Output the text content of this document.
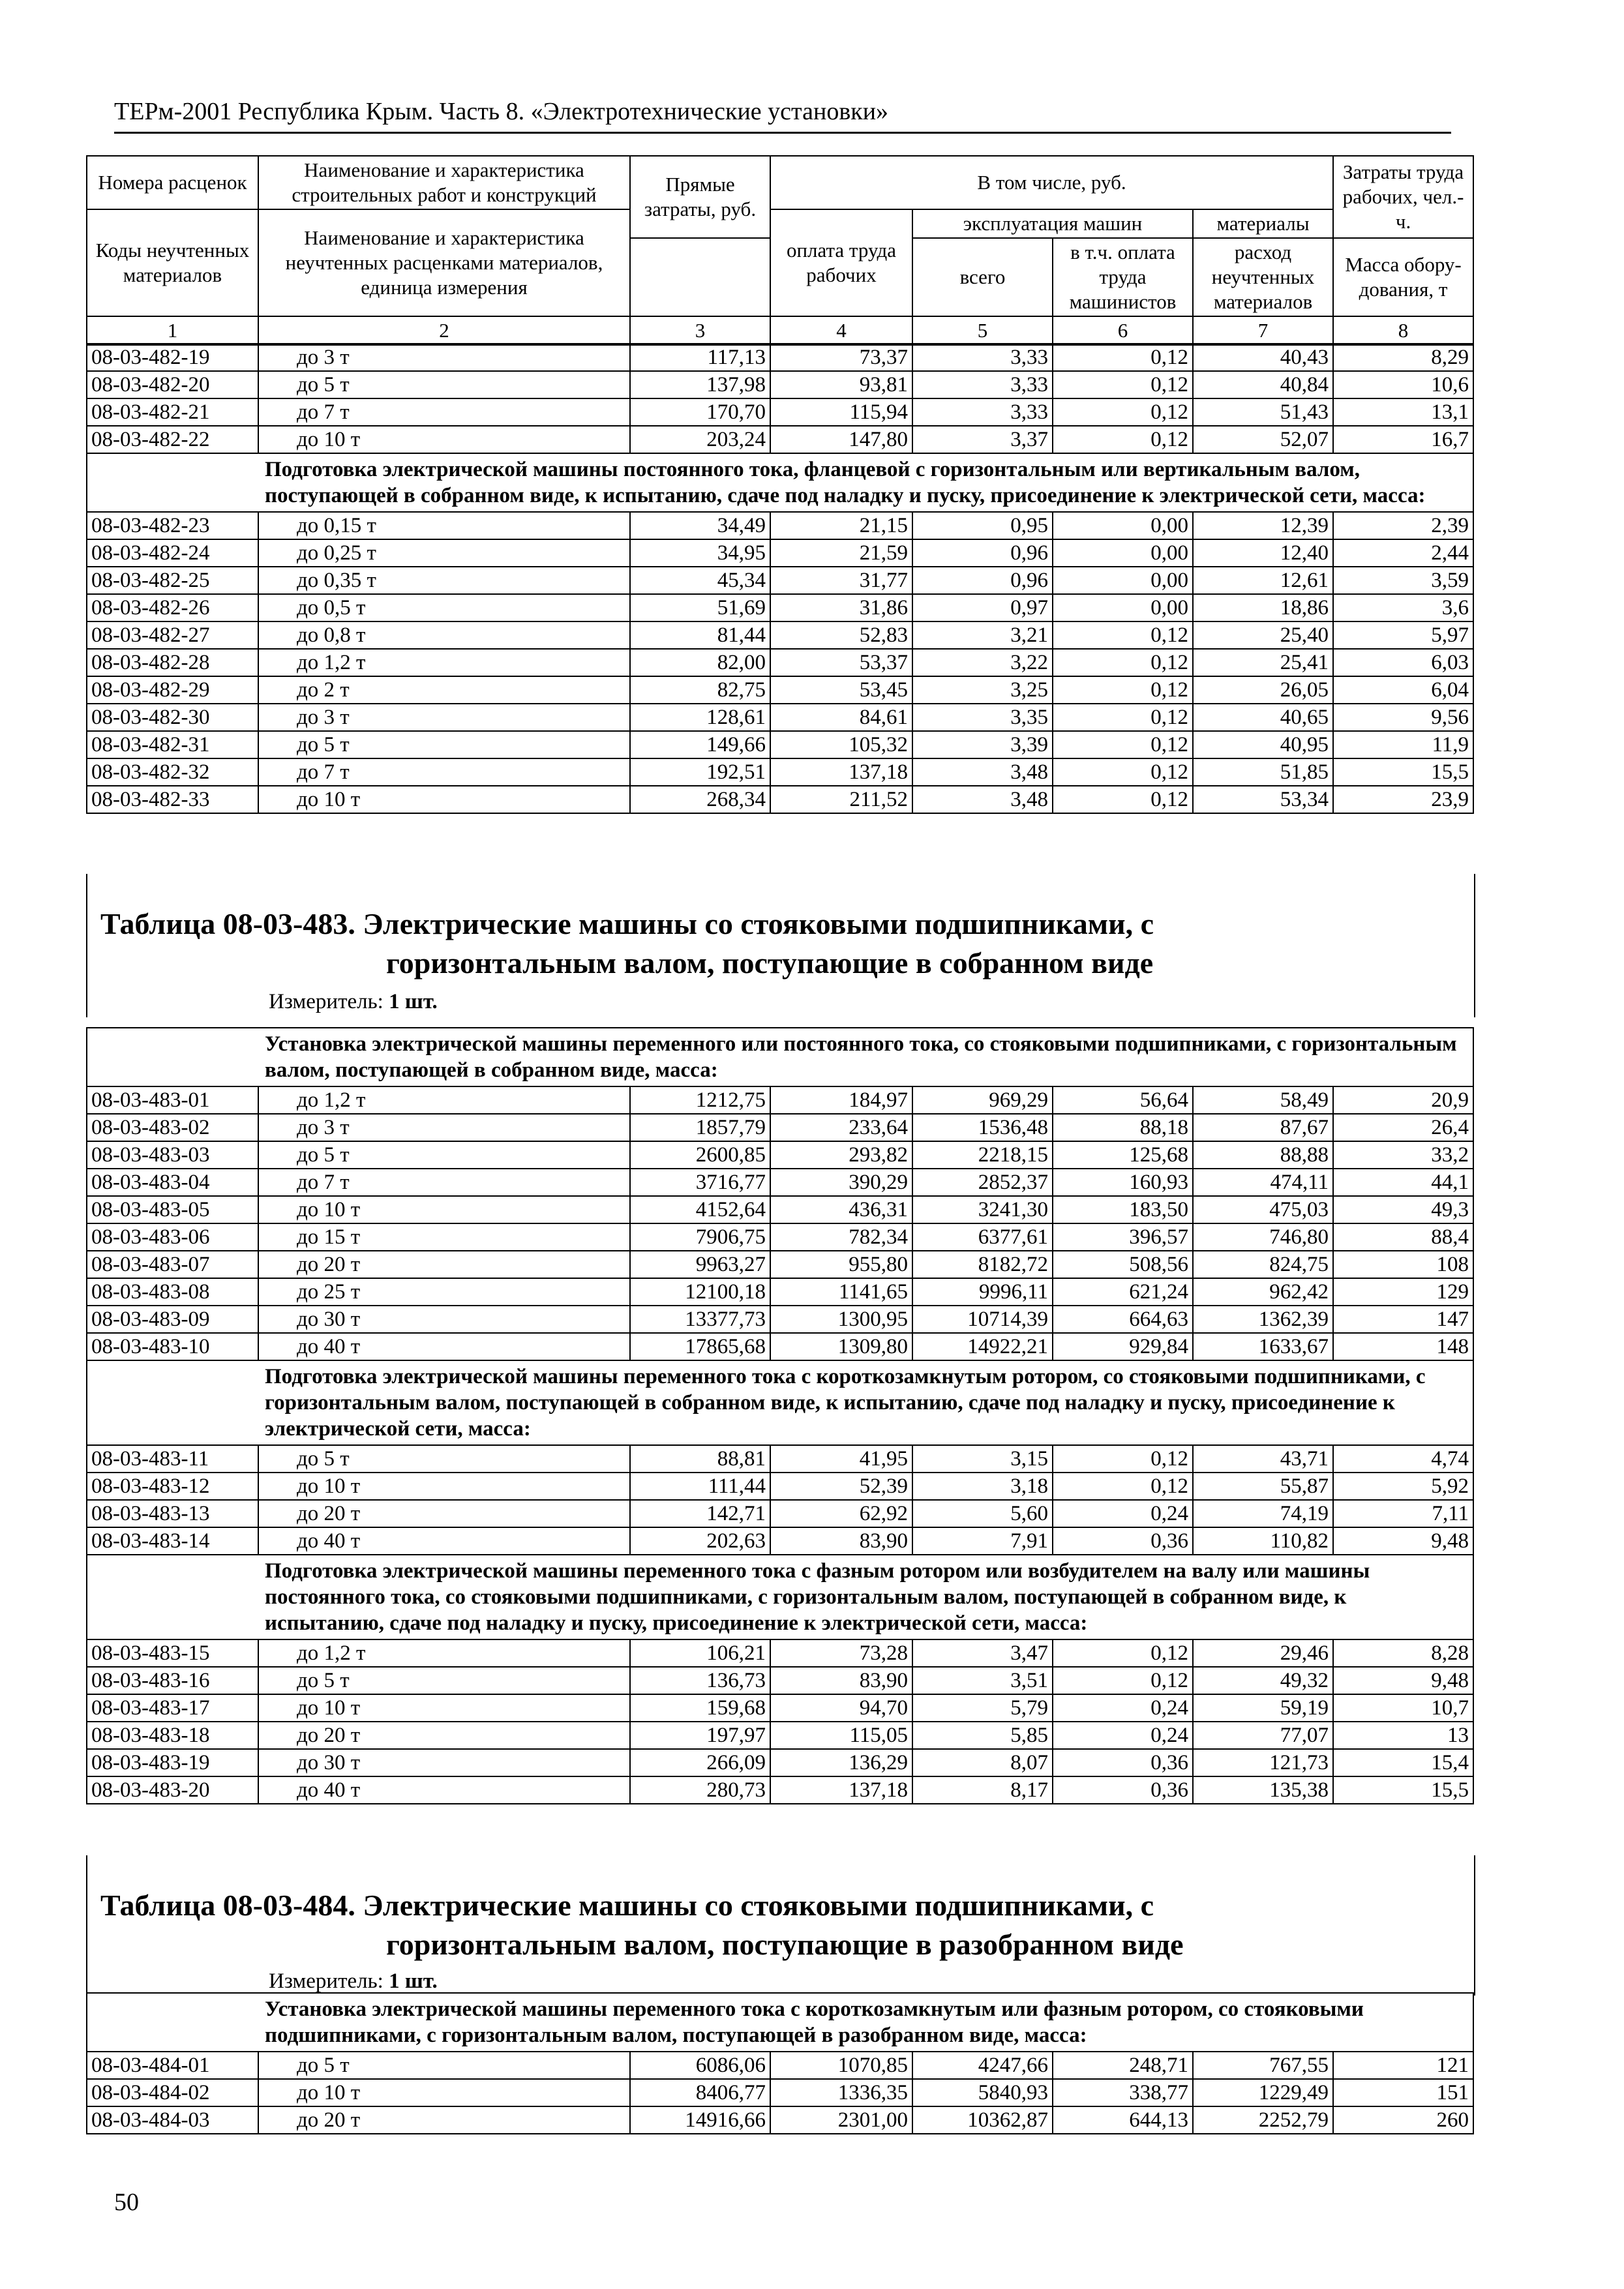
ТЕРм-2001 Республика Крым. Часть 8. «Электротехнические установки»
Номера расценок	Наименование и характеристика строительных работ и конструкций	Прямые затраты, руб.	В том числе, руб.				Затраты труда рабочих, чел.-ч.
Коды неучтенных материалов	Наименование и характеристика неучтенных расценками материалов, единица измерения		оплата труда рабочих	эксплуатация машин		материалы	
				всего	в т.ч. оплата труда машинистов	расход неучтенных материалов	Масса обору-дования, т

1	2	3	4	5	6	7	8
08-03-482-19	до 3 т	117,13	73,37	3,33	0,12	40,43	8,29
08-03-482-20	до 5 т	137,98	93,81	3,33	0,12	40,84	10,6
08-03-482-21	до 7 т	170,70	115,94	3,33	0,12	51,43	13,1
08-03-482-22	до 10 т	203,24	147,80	3,37	0,12	52,07	16,7
	Подготовка электрической машины постоянного тока, фланцевой с горизонтальным или вертикальным валом, поступающей в собранном виде, к испытанию, сдаче под наладку и пуску, присоединение к электрической сети, масса:						
08-03-482-23	до 0,15 т	34,49	21,15	0,95	0,00	12,39	2,39
08-03-482-24	до 0,25 т	34,95	21,59	0,96	0,00	12,40	2,44
08-03-482-25	до 0,35 т	45,34	31,77	0,96	0,00	12,61	3,59
08-03-482-26	до 0,5 т	51,69	31,86	0,97	0,00	18,86	3,6
08-03-482-27	до 0,8 т	81,44	52,83	3,21	0,12	25,40	5,97
08-03-482-28	до 1,2 т	82,00	53,37	3,22	0,12	25,41	6,03
08-03-482-29	до 2 т	82,75	53,45	3,25	0,12	26,05	6,04
08-03-482-30	до 3 т	128,61	84,61	3,35	0,12	40,65	9,56
08-03-482-31	до 5 т	149,66	105,32	3,39	0,12	40,95	11,9
08-03-482-32	до 7 т	192,51	137,18	3,48	0,12	51,85	15,5
08-03-482-33	до 10 т	268,34	211,52	3,48	0,12	53,34	23,9
Таблица 08-03-483. Электрические машины со стояковыми подшипниками, с
горизонтальным валом, поступающие в собранном виде
Измеритель: 1 шт.
	Установка электрической машины переменного или постоянного тока, со стояковыми подшипниками, с горизонтальным валом, поступающей в собранном виде, масса:						
08-03-483-01	до 1,2 т	1212,75	184,97	969,29	56,64	58,49	20,9
08-03-483-02	до 3 т	1857,79	233,64	1536,48	88,18	87,67	26,4
08-03-483-03	до 5 т	2600,85	293,82	2218,15	125,68	88,88	33,2
08-03-483-04	до 7 т	3716,77	390,29	2852,37	160,93	474,11	44,1
08-03-483-05	до 10 т	4152,64	436,31	3241,30	183,50	475,03	49,3
08-03-483-06	до 15 т	7906,75	782,34	6377,61	396,57	746,80	88,4
08-03-483-07	до 20 т	9963,27	955,80	8182,72	508,56	824,75	108
08-03-483-08	до 25 т	12100,18	1141,65	9996,11	621,24	962,42	129
08-03-483-09	до 30 т	13377,73	1300,95	10714,39	664,63	1362,39	147
08-03-483-10	до 40 т	17865,68	1309,80	14922,21	929,84	1633,67	148
	Подготовка электрической машины переменного тока с короткозамкнутым ротором, со стояковыми подшипниками, с горизонтальным валом, поступающей в собранном виде, к испытанию, сдаче под наладку и пуску, присоединение к электрической сети, масса:						
08-03-483-11	до 5 т	88,81	41,95	3,15	0,12	43,71	4,74
08-03-483-12	до 10 т	111,44	52,39	3,18	0,12	55,87	5,92
08-03-483-13	до 20 т	142,71	62,92	5,60	0,24	74,19	7,11
08-03-483-14	до 40 т	202,63	83,90	7,91	0,36	110,82	9,48
	Подготовка электрической машины переменного тока с фазным ротором или возбудителем на валу или машины постоянного тока, со стояковыми подшипниками, с горизонтальным валом, поступающей в собранном виде, к испытанию, сдаче под наладку и пуску, присоединение к электрической сети, масса:						
08-03-483-15	до 1,2 т	106,21	73,28	3,47	0,12	29,46	8,28
08-03-483-16	до 5 т	136,73	83,90	3,51	0,12	49,32	9,48
08-03-483-17	до 10 т	159,68	94,70	5,79	0,24	59,19	10,7
08-03-483-18	до 20 т	197,97	115,05	5,85	0,24	77,07	13
08-03-483-19	до 30 т	266,09	136,29	8,07	0,36	121,73	15,4
08-03-483-20	до 40 т	280,73	137,18	8,17	0,36	135,38	15,5
Таблица 08-03-484. Электрические машины со стояковыми подшипниками, с
горизонтальным валом, поступающие в разобранном виде
Измеритель: 1 шт.
	Установка электрической машины переменного тока с короткозамкнутым или фазным ротором, со стояковыми подшипниками, с горизонтальным валом, поступающей в разобранном виде, масса:						
08-03-484-01	до 5 т	6086,06	1070,85	4247,66	248,71	767,55	121
08-03-484-02	до 10 т	8406,77	1336,35	5840,93	338,77	1229,49	151
08-03-484-03	до 20 т	14916,66	2301,00	10362,87	644,13	2252,79	260
50
